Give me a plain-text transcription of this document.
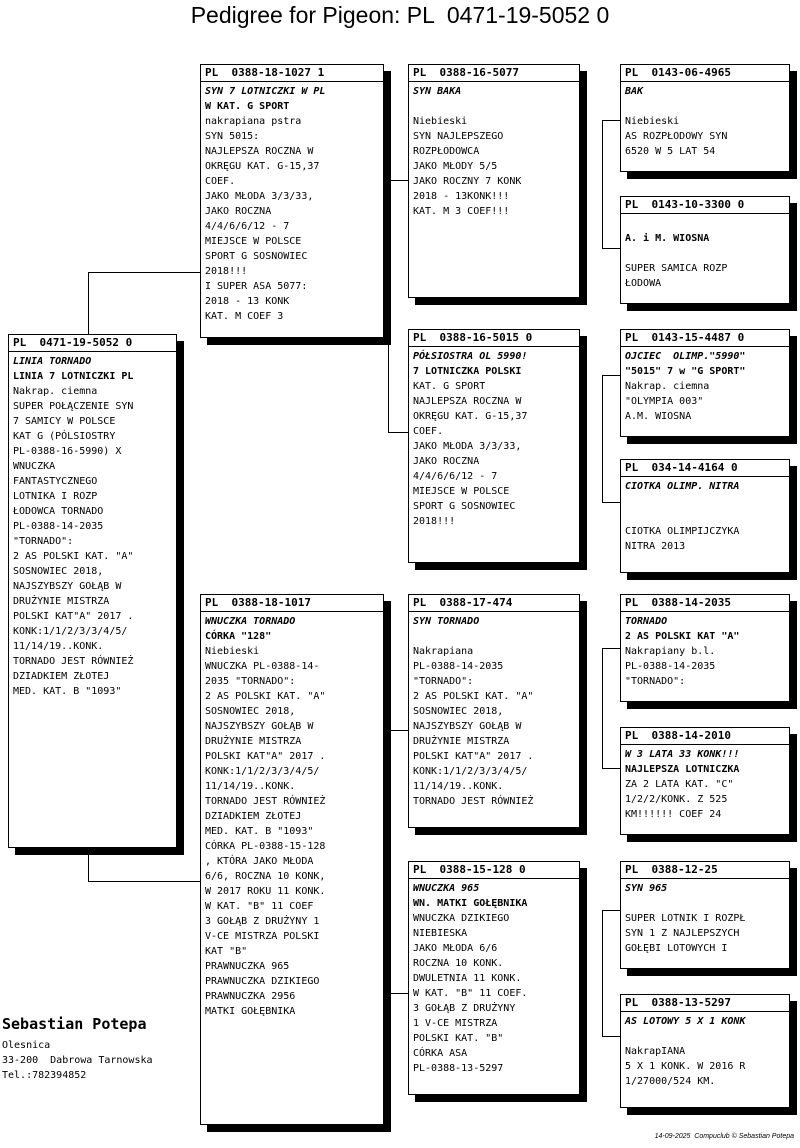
Pedigree for Pigeon: PL  0471-19-5052 0
PL  0471-19-5052 0
LINIA TORNADO
LINIA 7 LOTNICZKI PL
Nakrap. ciemna
SUPER POŁĄCZENIE SYN
7 SAMICY W POLSCE
KAT G (PÓLSIOSTRY
PL-0388-16-5990) X
WNUCZKA
FANTASTYCZNEGO
LOTNIKA I ROZP
ŁODOWCA TORNADO
PL-0388-14-2035
"TORNADO":
2 AS POLSKI KAT. "A"
SOSNOWIEC 2018,
NAJSZYBSZY GOŁĄB W
DRUŻYNIE MISTRZA
POLSKI KAT"A" 2017 .
KONK:1/1/2/3/3/4/5/
11/14/19..KONK.
TORNADO JEST RÓWNIEŻ
DZIADKIEM ZŁOTEJ
MED. KAT. B "1093"
PL  0388-18-1027 1
SYN 7 LOTNICZKI W PL
W KAT. G SPORT
nakrapiana pstra
SYN 5015:
NAJLEPSZA ROCZNA W
OKRĘGU KAT. G-15,37
COEF.
JAKO MŁODA 3/3/33,
JAKO ROCZNA
4/4/6/6/12 - 7
MIEJSCE W POLSCE
SPORT G SOSNOWIEC
2018!!!
I SUPER ASA 5077:
2018 - 13 KONK
KAT. M COEF 3
PL  0388-18-1017
WNUCZKA TORNADO
CÓRKA "128"
Niebieski
WNUCZKA PL-0388-14-
2035 "TORNADO":
2 AS POLSKI KAT. "A"
SOSNOWIEC 2018,
NAJSZYBSZY GOŁĄB W
DRUŻYNIE MISTRZA
POLSKI KAT"A" 2017 .
KONK:1/1/2/3/3/4/5/
11/14/19..KONK.
TORNADO JEST RÓWNIEŻ
DZIADKIEM ZŁOTEJ
MED. KAT. B "1093"
CÓRKA PL-0388-15-128
, KTÓRA JAKO MŁODA
6/6, ROCZNA 10 KONK,
W 2017 ROKU 11 KONK.
W KAT. "B" 11 COEF
3 GOŁĄB Z DRUŻYNY 1
V-CE MISTRZA POLSKI
KAT "B"
PRAWNUCZKA 965
PRAWNUCZKA DZIKIEGO
PRAWNUCZKA 2956
MATKI GOŁĘBNIKA
PL  0388-16-5077
SYN BAKA
Niebieski
SYN NAJLEPSZEGO
ROZPŁODOWCA
JAKO MŁODY 5/5
JAKO ROCZNY 7 KONK
2018 - 13KONK!!!
KAT. M 3 COEF!!!
PL  0388-16-5015 0
PÓŁSIOSTRA OL 5990!
7 LOTNICZKA POLSKI
KAT. G SPORT
NAJLEPSZA ROCZNA W
OKRĘGU KAT. G-15,37
COEF.
JAKO MŁODA 3/3/33,
JAKO ROCZNA
4/4/6/6/12 - 7
MIEJSCE W POLSCE
SPORT G SOSNOWIEC
2018!!!
PL  0388-17-474
SYN TORNADO
Nakrapiana
PL-0388-14-2035
"TORNADO":
2 AS POLSKI KAT. "A"
SOSNOWIEC 2018,
NAJSZYBSZY GOŁĄB W
DRUŻYNIE MISTRZA
POLSKI KAT"A" 2017 .
KONK:1/1/2/3/3/4/5/
11/14/19..KONK.
TORNADO JEST RÓWNIEŻ
PL  0388-15-128 0
WNUCZKA 965
WN. MATKI GOŁĘBNIKA
WNUCZKA DZIKIEGO
NIEBIESKA
JAKO MŁODA 6/6
ROCZNA 10 KONK.
DWULETNIA 11 KONK.
W KAT. "B" 11 COEF.
3 GOŁĄB Z DRUŻYNY
1 V-CE MISTRZA
POLSKI KAT. "B"
CÓRKA ASA
PL-0388-13-5297
PL  0143-06-4965
BAK
Niebieski
AS ROZPŁODOWY SYN
6520 W 5 LAT 54
PL  0143-10-3300 0
A. i M. WIOSNA
SUPER SAMICA ROZP
ŁODOWA
PL  0143-15-4487 0
OJCIEC  OLIMP."5990"
"5015" 7 w "G SPORT"
Nakrap. ciemna
"OLYMPIA 003"
A.M. WIOSNA
PL  034-14-4164 0
CIOTKA OLIMP. NITRA
CIOTKA OLIMPIJCZYKA
NITRA 2013
PL  0388-14-2035
TORNADO
2 AS POLSKI KAT "A"
Nakrapiany b.l.
PL-0388-14-2035
"TORNADO":
PL  0388-14-2010
W 3 LATA 33 KONK!!!
NAJLEPSZA LOTNICZKA
ZA 2 LATA KAT. "C"
1/2/2/KONK. Z 525
KM!!!!!! COEF 24
PL  0388-12-25
SYN 965
SUPER LOTNIK I ROZPŁ
SYN 1 Z NAJLEPSZYCH
GOŁĘBI LOTOWYCH I
PL  0388-13-5297
AS LOTOWY 5 X 1 KONK
NakrapIANA
5 X 1 KONK. W 2016 R
1/27000/524 KM.
Sebastian Potepa
Olesnica
33-200  Dabrowa Tarnowska
Tel.:782394852
14-09-2025  Compuclub © Sebastian Potepa
